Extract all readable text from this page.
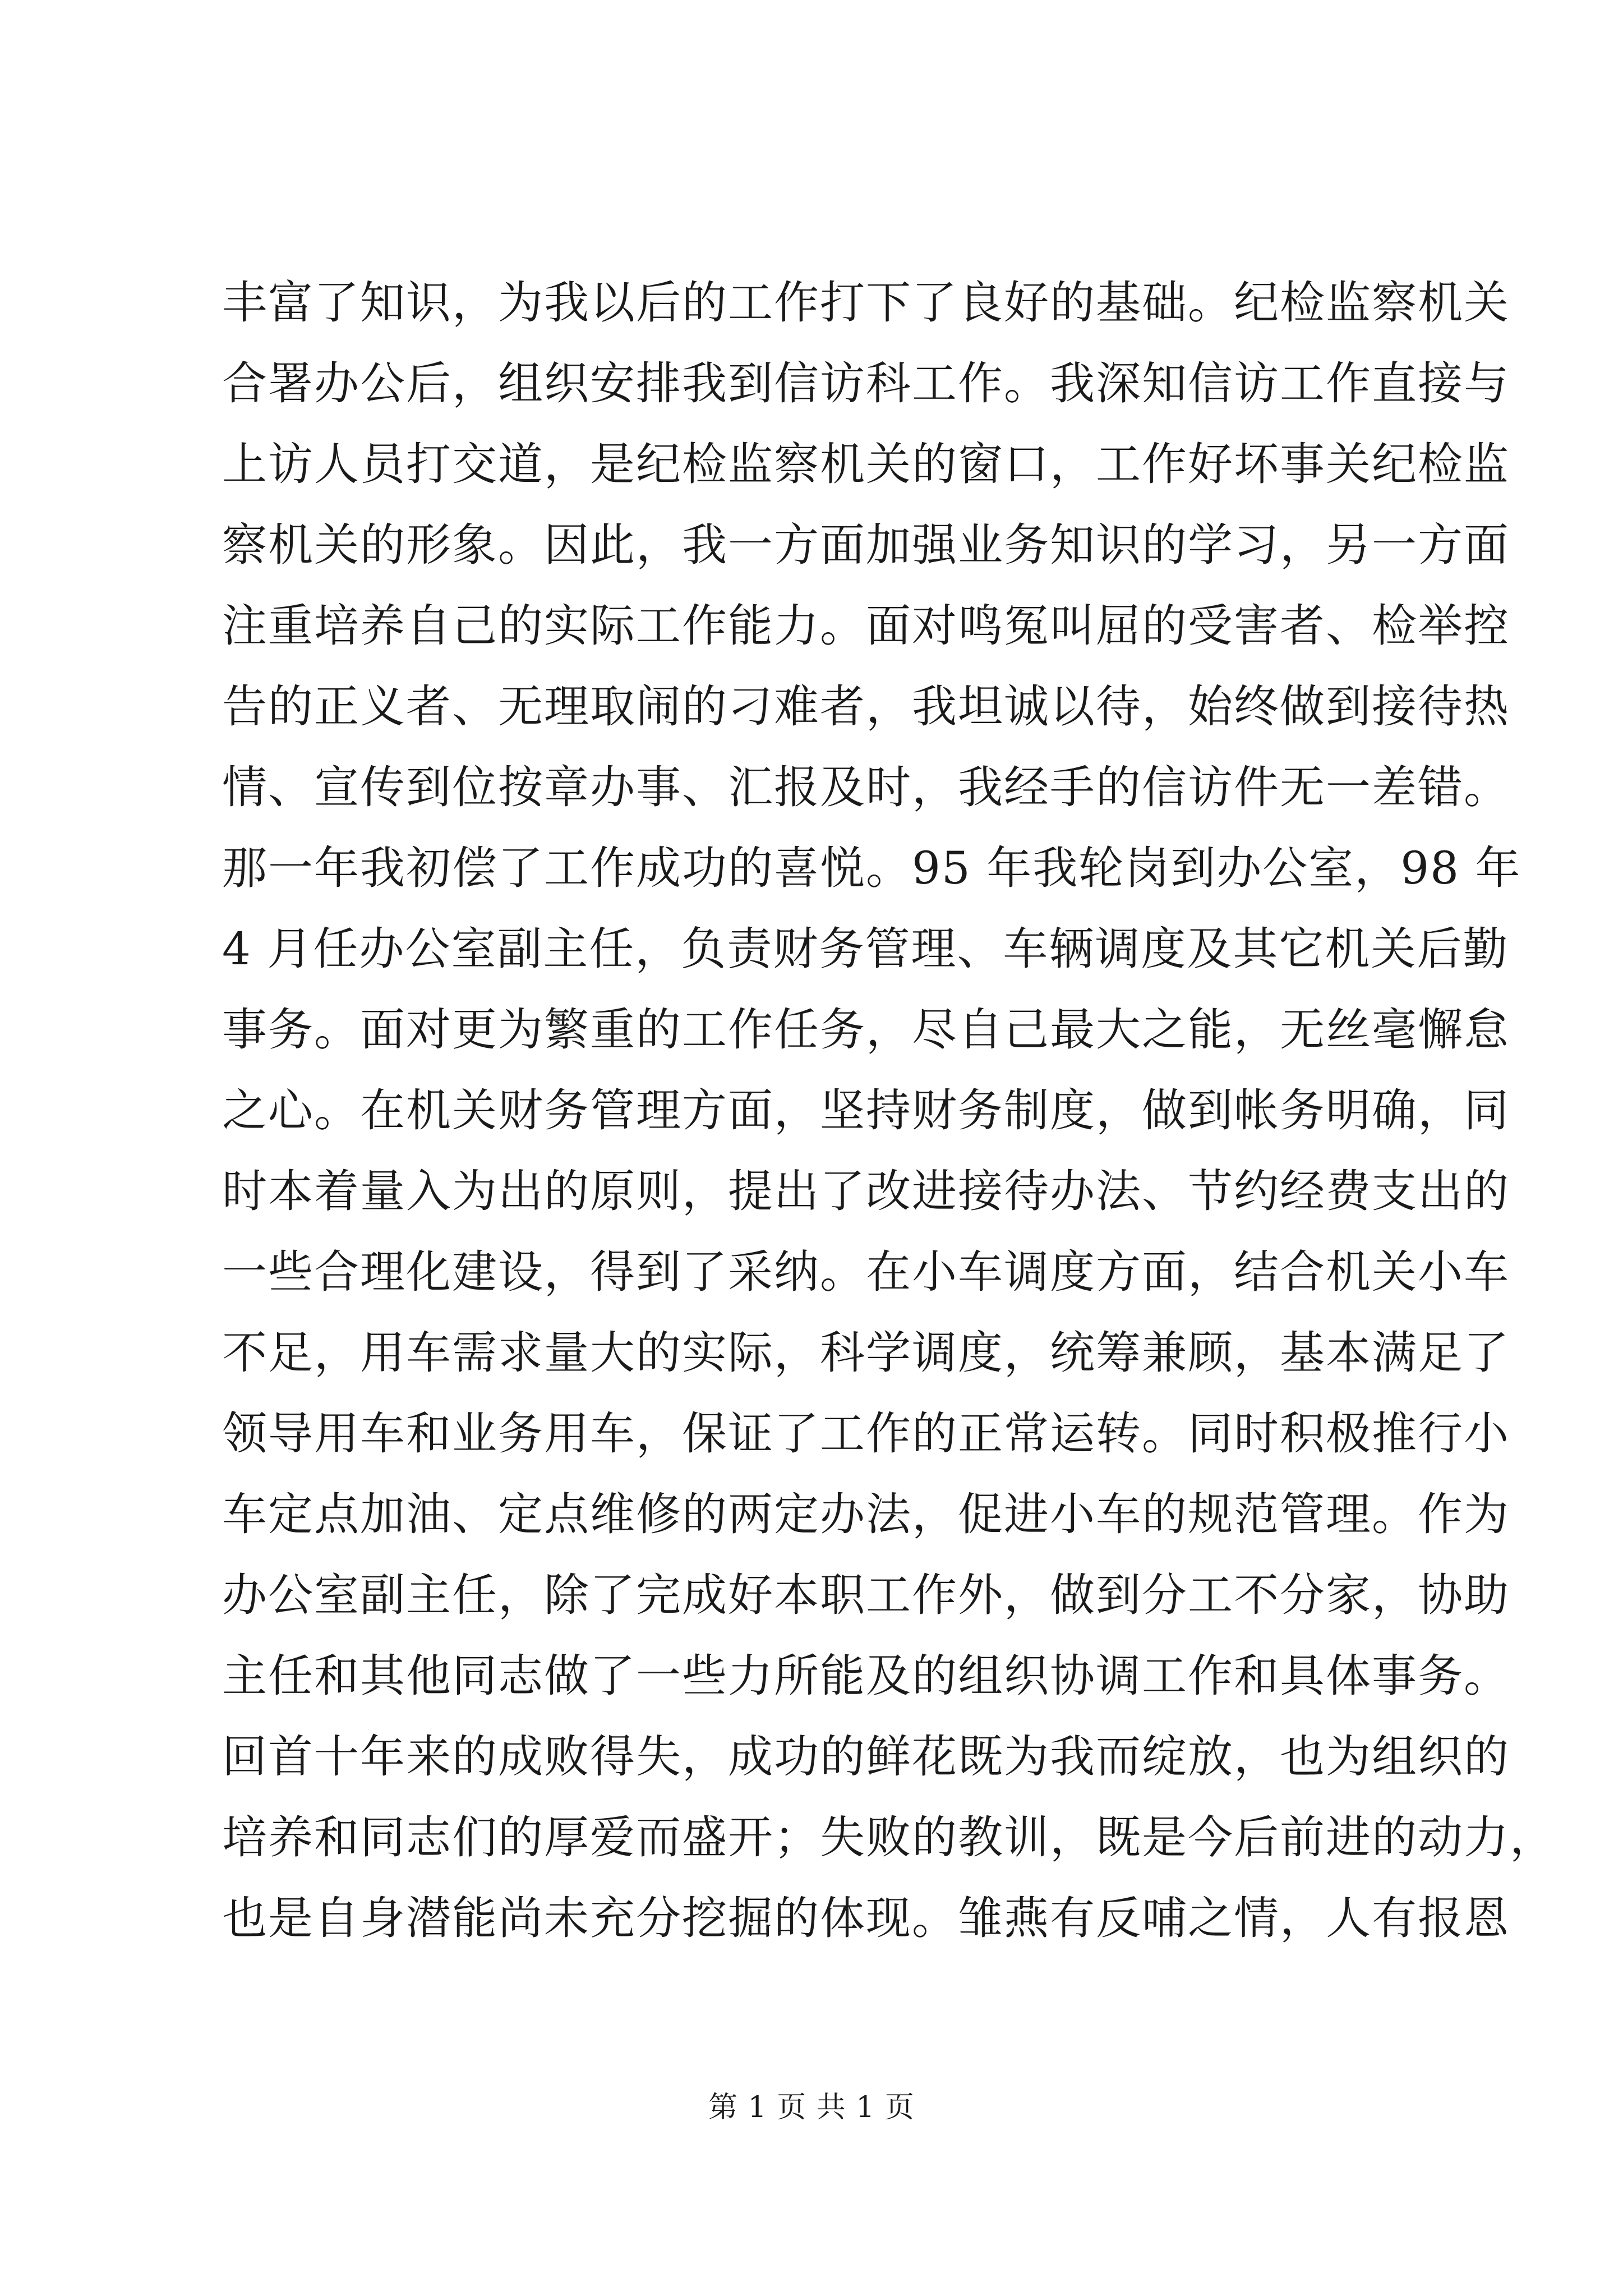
丰富了知识，为我以后的工作打下了良好的基础。纪检监察机关
合署办公后，组织安排我到信访科工作。我深知信访工作直接与
上访人员打交道，是纪检监察机关的窗口，工作好坏事关纪检监
察机关的形象。因此，我一方面加强业务知识的学习，另一方面
注重培养自己的实际工作能力。面对鸣冤叫屈的受害者、检举控
告的正义者、无理取闹的刁难者，我坦诚以待，始终做到接待热
情、宣传到位按章办事、汇报及时，我经手的信访件无一差错。
那一年我初偿了工作成功的喜悦。95 年我轮岗到办公室，98 年
4 月任办公室副主任，负责财务管理、车辆调度及其它机关后勤
事务。面对更为繁重的工作任务，尽自己最大之能，无丝毫懈怠
之心。在机关财务管理方面，坚持财务制度，做到帐务明确，同
时本着量入为出的原则，提出了改进接待办法、节约经费支出的
一些合理化建设，得到了采纳。在小车调度方面，结合机关小车
不足，用车需求量大的实际，科学调度，统筹兼顾，基本满足了
领导用车和业务用车，保证了工作的正常运转。同时积极推行小
车定点加油、定点维修的两定办法，促进小车的规范管理。作为
办公室副主任，除了完成好本职工作外，做到分工不分家，协助
主任和其他同志做了一些力所能及的组织协调工作和具体事务。
回首十年来的成败得失，成功的鲜花既为我而绽放，也为组织的
培养和同志们的厚爱而盛开；失败的教训，既是今后前进的动力，
也是自身潜能尚未充分挖掘的体现。雏燕有反哺之情，人有报恩
第 1 页 共 1 页
